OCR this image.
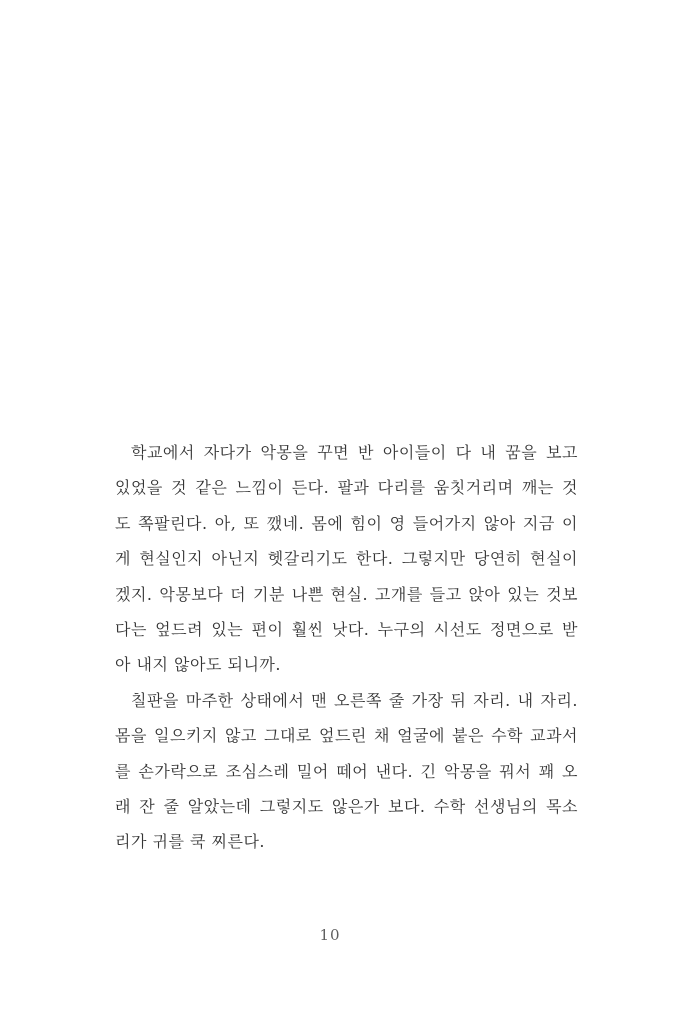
학교에서 자다가 악몽을 꾸면 반 아이들이 다 내 꿈을 보고
있었을 것 같은 느낌이 든다. 팔과 다리를 움칫거리며 깨는 것
도 쪽팔린다. 아, 또 깼네. 몸에 힘이 영 들어가지 않아 지금 이
게 현실인지 아닌지 헷갈리기도 한다. 그렇지만 당연히 현실이
겠지. 악몽보다 더 기분 나쁜 현실. 고개를 들고 앉아 있는 것보
다는 엎드려 있는 편이 훨씬 낫다. 누구의 시선도 정면으로 받
아 내지 않아도 되니까.
칠판을 마주한 상태에서 맨 오른쪽 줄 가장 뒤 자리. 내 자리.
몸을 일으키지 않고 그대로 엎드린 채 얼굴에 붙은 수학 교과서
를 손가락으로 조심스레 밀어 떼어 낸다. 긴 악몽을 꿔서 꽤 오
래 잔 줄 알았는데 그렇지도 않은가 보다. 수학 선생님의 목소
리가 귀를 쿡 찌른다.
10
